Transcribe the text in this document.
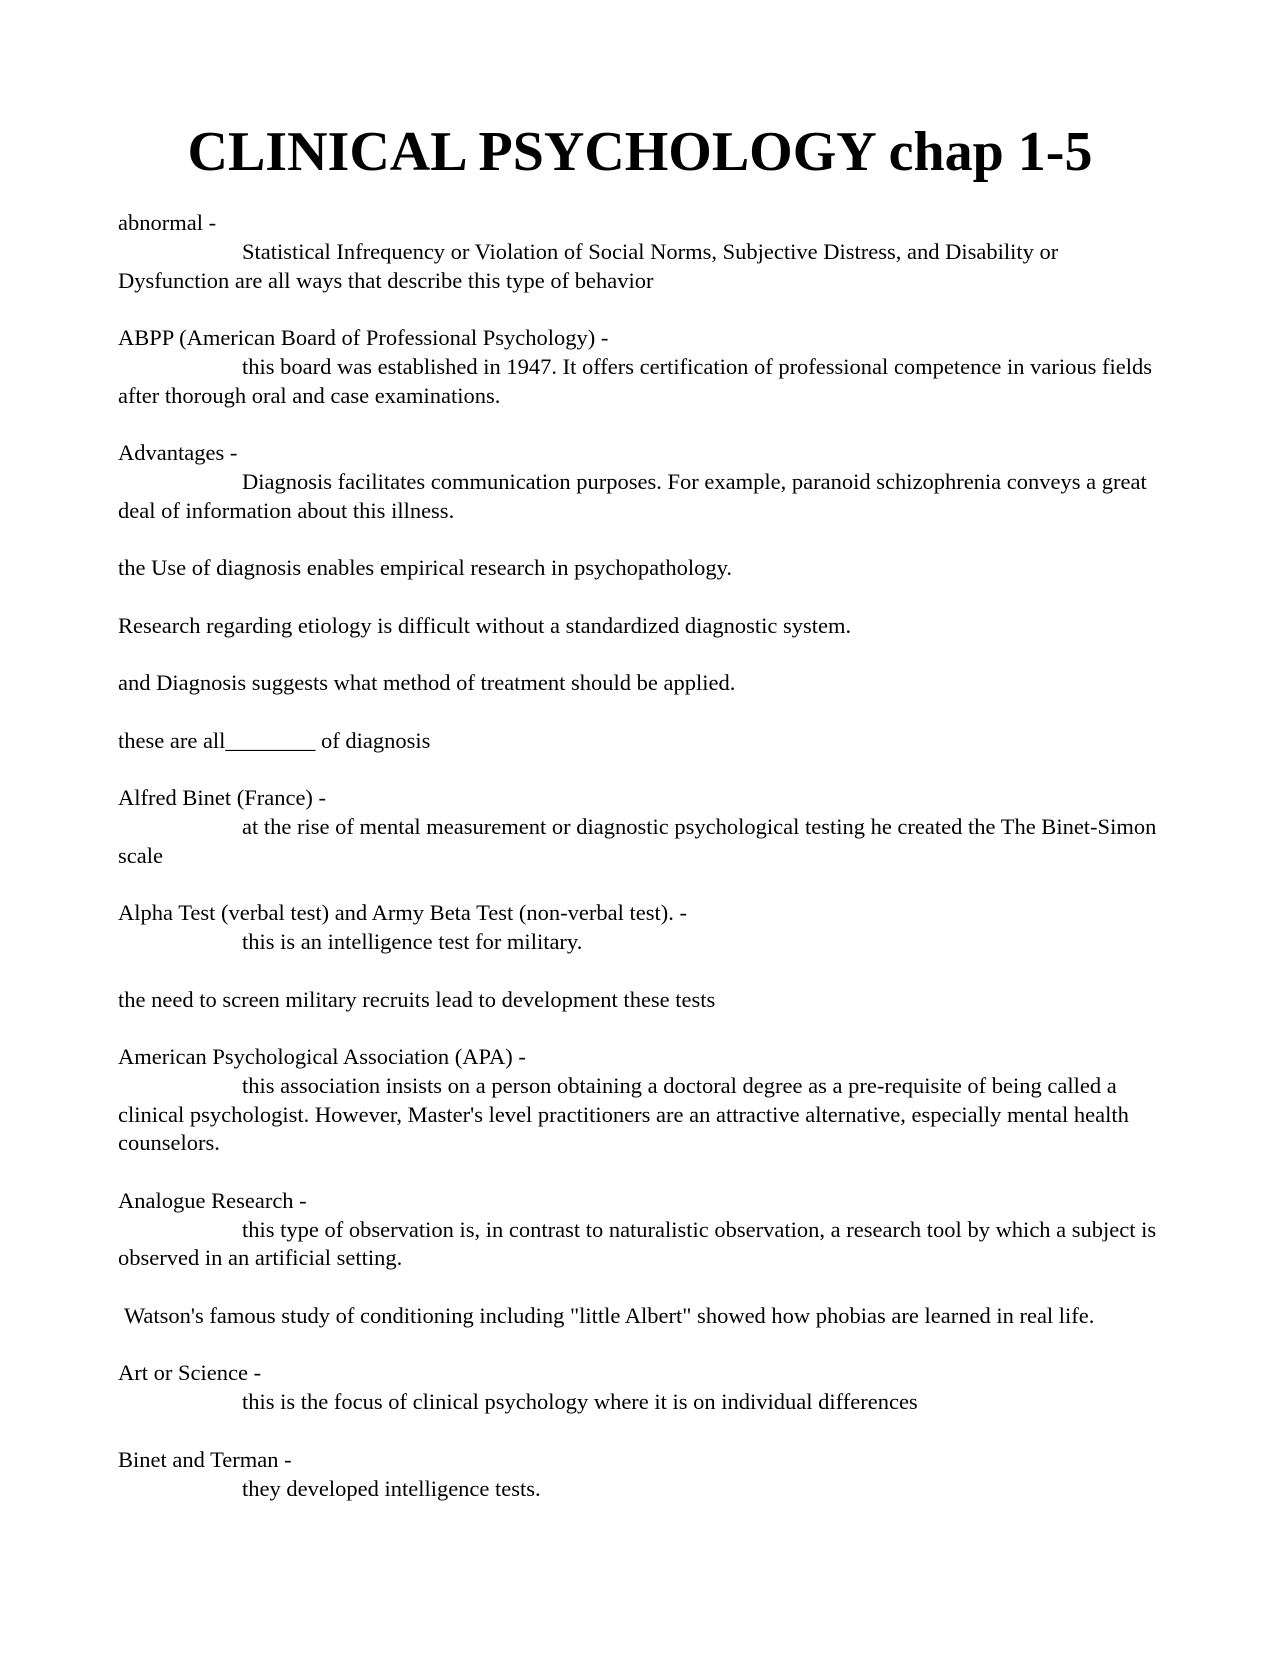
CLINICAL PSYCHOLOGY chap 1-5
abnormal -
Statistical Infrequency or Violation of Social Norms, Subjective Distress, and Disability or Dysfunction are all ways that describe this type of behavior
ABPP (American Board of Professional Psychology) -
this board was established in 1947. It offers certification of professional competence in various fields after thorough oral and case examinations.
Advantages -
Diagnosis facilitates communication purposes. For example, paranoid schizophrenia conveys a great deal of information about this illness.
the Use of diagnosis enables empirical research in psychopathology.
Research regarding etiology is difficult without a standardized diagnostic system.
and Diagnosis suggests what method of treatment should be applied.
these are all________ of diagnosis
Alfred Binet (France) -
at the rise of mental measurement or diagnostic psychological testing he created the The Binet-Simon scale
Alpha Test (verbal test) and Army Beta Test (non-verbal test). -
this is an intelligence test for military.
the need to screen military recruits lead to development these tests
American Psychological Association (APA) -
this association insists on a person obtaining a doctoral degree as a pre-requisite of being called a clinical psychologist. However, Master's level practitioners are an attractive alternative, especially mental health counselors.
Analogue Research -
this type of observation is, in contrast to naturalistic observation, a research tool by which a subject is observed in an artificial setting.
Watson's famous study of conditioning including "little Albert" showed how phobias are learned in real life.
Art or Science -
this is the focus of clinical psychology where it is on individual differences
Binet and Terman -
they developed intelligence tests.
